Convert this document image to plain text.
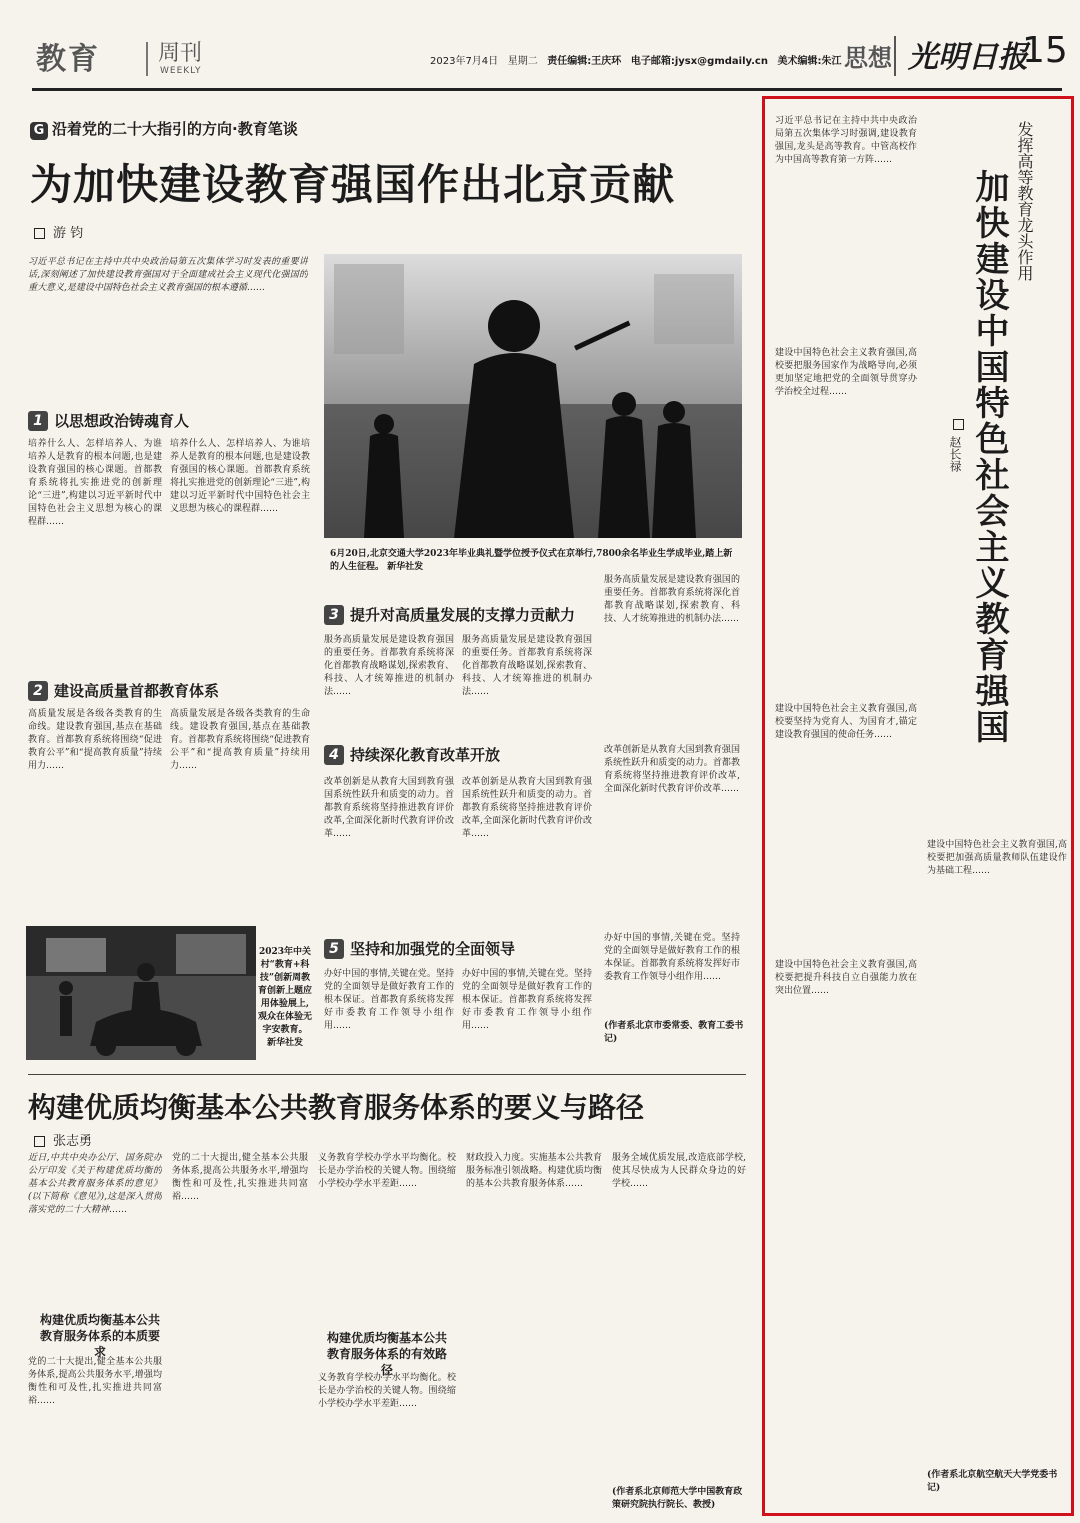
教育	周刊
WEEKLY
2023年7月4日 星期二 责任编辑:王庆环 电子邮箱:jysx@gmdaily.cn 美术编辑:朱江 思想 光明日报
15
G 沿着党的二十大指引的方向·教育笔谈
为加快建设教育强国作出北京贡献
游 钧
习近平总书记在主持中共中央政治局第五次集体学习时发表的重要讲话,深刻阐述了加快建设教育强国对于全面建成社会主义现代化强国的重大意义,是建设中国特色社会主义教育强国的根本遵循……
1 以思想政治铸魂育人
培养什么人、怎样培养人、为谁培养人是教育的根本问题,也是建设教育强国的核心课题。首都教育系统将扎实推进党的创新理论“三进”,构建以习近平新时代中国特色社会主义思想为核心的课程群……
培养什么人、怎样培养人、为谁培养人是教育的根本问题,也是建设教育强国的核心课题。首都教育系统将扎实推进党的创新理论“三进”,构建以习近平新时代中国特色社会主义思想为核心的课程群……
2 建设高质量首都教育体系
高质量发展是各级各类教育的生命线。建设教育强国,基点在基础教育。首都教育系统将围绕“促进教育公平”和“提高教育质量”持续用力……
高质量发展是各级各类教育的生命线。建设教育强国,基点在基础教育。首都教育系统将围绕“促进教育公平”和“提高教育质量”持续用力……
6月20日,北京交通大学2023年毕业典礼暨学位授予仪式在京举行,7800余名毕业生学成毕业,踏上新的人生征程。 新华社发
3 提升对高质量发展的支撑力贡献力
服务高质量发展是建设教育强国的重要任务。首都教育系统将深化首都教育战略谋划,探索教育、科技、人才统筹推进的机制办法……
服务高质量发展是建设教育强国的重要任务。首都教育系统将深化首都教育战略谋划,探索教育、科技、人才统筹推进的机制办法……
服务高质量发展是建设教育强国的重要任务。首都教育系统将深化首都教育战略谋划,探索教育、科技、人才统筹推进的机制办法……
4 持续深化教育改革开放
改革创新是从教育大国到教育强国系统性跃升和质变的动力。首都教育系统将坚持推进教育评价改革,全面深化新时代教育评价改革……
改革创新是从教育大国到教育强国系统性跃升和质变的动力。首都教育系统将坚持推进教育评价改革,全面深化新时代教育评价改革……
改革创新是从教育大国到教育强国系统性跃升和质变的动力。首都教育系统将坚持推进教育评价改革,全面深化新时代教育评价改革……
5 坚持和加强党的全面领导
办好中国的事情,关键在党。坚持党的全面领导是做好教育工作的根本保证。首都教育系统将发挥好市委教育工作领导小组作用……
办好中国的事情,关键在党。坚持党的全面领导是做好教育工作的根本保证。首都教育系统将发挥好市委教育工作领导小组作用……
办好中国的事情,关键在党。坚持党的全面领导是做好教育工作的根本保证。首都教育系统将发挥好市委教育工作领导小组作用……
(作者系北京市委常委、教育工委书记)
2023年中关村“教育+科技”创新周教育创新上题应用体验展上,观众在体验无字安教育。 新华社发
构建优质均衡基本公共教育服务体系的要义与路径
张志勇
近日,中共中央办公厅、国务院办公厅印发《关于构建优质均衡的基本公共教育服务体系的意见》(以下简称《意见》),这是深入贯彻落实党的二十大精神……
构建优质均衡基本公共教育服务体系的本质要求
党的二十大提出,健全基本公共服务体系,提高公共服务水平,增强均衡性和可及性,扎实推进共同富裕……
党的二十大提出,健全基本公共服务体系,提高公共服务水平,增强均衡性和可及性,扎实推进共同富裕……
义务教育学校办学水平均衡化。校长是办学治校的关键人物。围绕缩小学校办学水平差距……
构建优质均衡基本公共教育服务体系的有效路径
义务教育学校办学水平均衡化。校长是办学治校的关键人物。围绕缩小学校办学水平差距……
财政投入力度。实施基本公共教育服务标准引领战略。构建优质均衡的基本公共教育服务体系……
服务全域优质发展,改造底部学校,使其尽快成为人民群众身边的好学校……
(作者系北京师范大学中国教育政策研究院执行院长、教授)
习近平总书记在主持中共中央政治局第五次集体学习时强调,建设教育强国,龙头是高等教育。中管高校作为中国高等教育第一方阵……
建设中国特色社会主义教育强国,高校要把服务国家作为战略导向,必须更加坚定地把党的全面领导贯穿办学治校全过程……
建设中国特色社会主义教育强国,高校要坚持为党育人、为国育才,锚定建设教育强国的使命任务……
建设中国特色社会主义教育强国,高校要把提升科技自立自强能力放在突出位置……
建设中国特色社会主义教育强国,高校要把加强高质量教师队伍建设作为基础工程……
(作者系北京航空航天大学党委书记)
发挥高等教育龙头作用
加快建设中国特色社会主义教育强国
赵长禄
